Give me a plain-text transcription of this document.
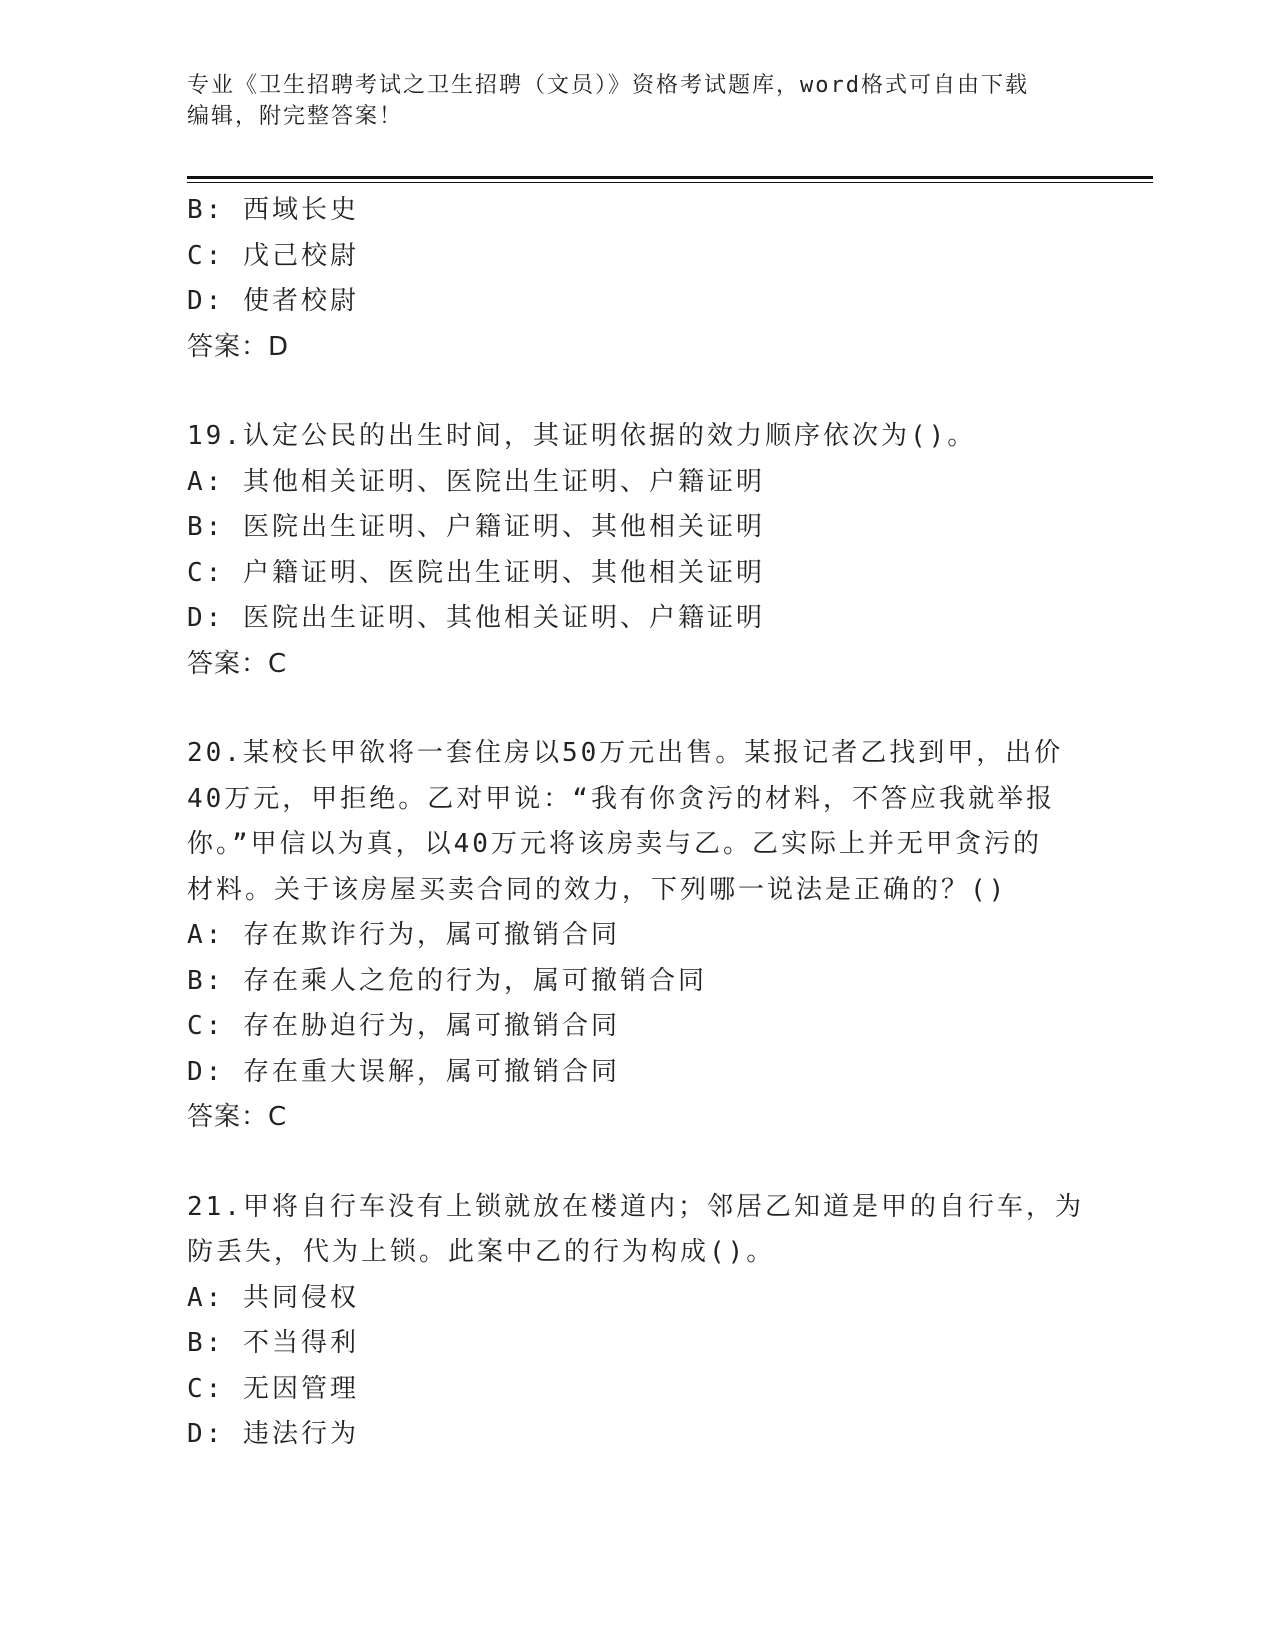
专业《卫生招聘考试之卫生招聘（文员）》资格考试题库，word格式可自由下载
编辑，附完整答案！
B: 西域长史
C: 戊己校尉
D: 使者校尉
答案：D
19.认定公民的出生时间，其证明依据的效力顺序依次为()。
A: 其他相关证明、医院出生证明、户籍证明
B: 医院出生证明、户籍证明、其他相关证明
C: 户籍证明、医院出生证明、其他相关证明
D: 医院出生证明、其他相关证明、户籍证明
答案：C
20.某校长甲欲将一套住房以50万元出售。某报记者乙找到甲，出价
40万元，甲拒绝。乙对甲说：“我有你贪污的材料，不答应我就举报
你。”甲信以为真，以40万元将该房卖与乙。乙实际上并无甲贪污的
材料。关于该房屋买卖合同的效力，下列哪一说法是正确的？()
A: 存在欺诈行为，属可撤销合同
B: 存在乘人之危的行为，属可撤销合同
C: 存在胁迫行为，属可撤销合同
D: 存在重大误解，属可撤销合同
答案：C
21.甲将自行车没有上锁就放在楼道内；邻居乙知道是甲的自行车，为
防丢失，代为上锁。此案中乙的行为构成()。
A: 共同侵权
B: 不当得利
C: 无因管理
D: 违法行为
